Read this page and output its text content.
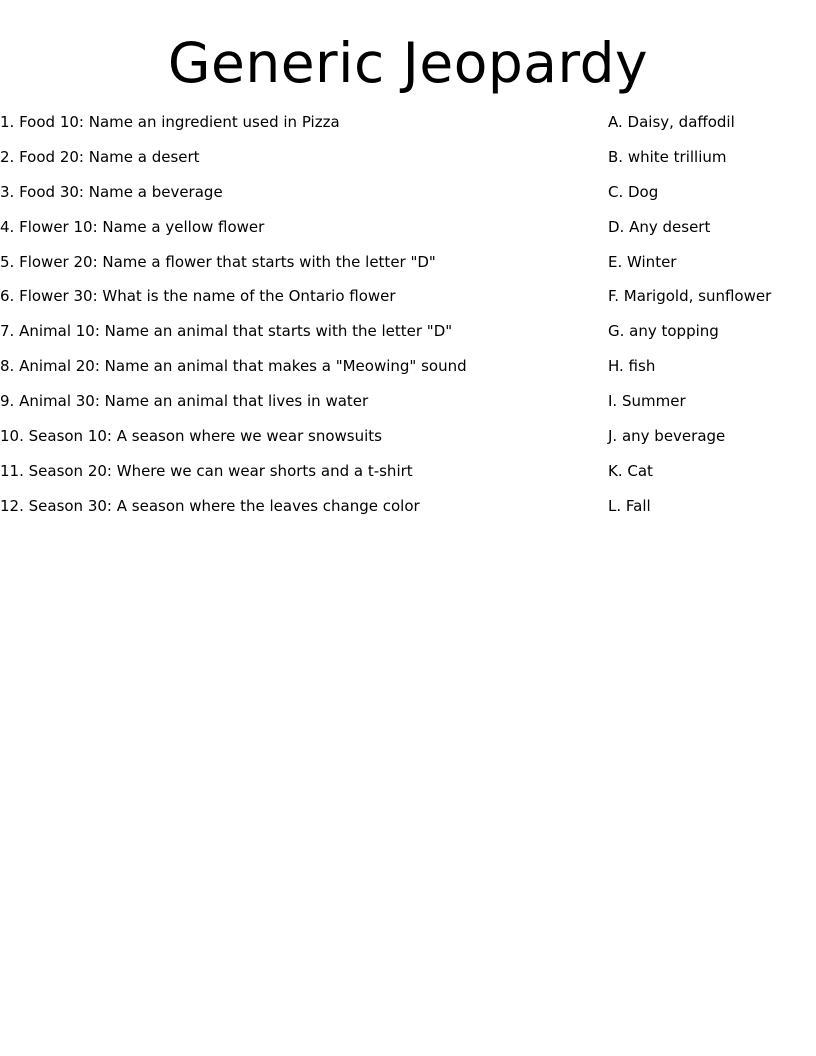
Generic Jeopardy
1. Food 10: Name an ingredient used in Pizza
2. Food 20: Name a desert
3. Food 30: Name a beverage
4. Flower 10: Name a yellow flower
5. Flower 20: Name a flower that starts with the letter "D"
6. Flower 30: What is the name of the Ontario flower
7. Animal 10: Name an animal that starts with the letter "D"
8. Animal 20: Name an animal that makes a "Meowing" sound
9. Animal 30: Name an animal that lives in water
10. Season 10: A season where we wear snowsuits
11. Season 20: Where we can wear shorts and a t-shirt
12. Season 30: A season where the leaves change color
A. Daisy, daffodil
B. white trillium
C. Dog
D. Any desert
E. Winter
F. Marigold, sunflower
G. any topping
H. fish
I. Summer
J. any beverage
K. Cat
L. Fall
